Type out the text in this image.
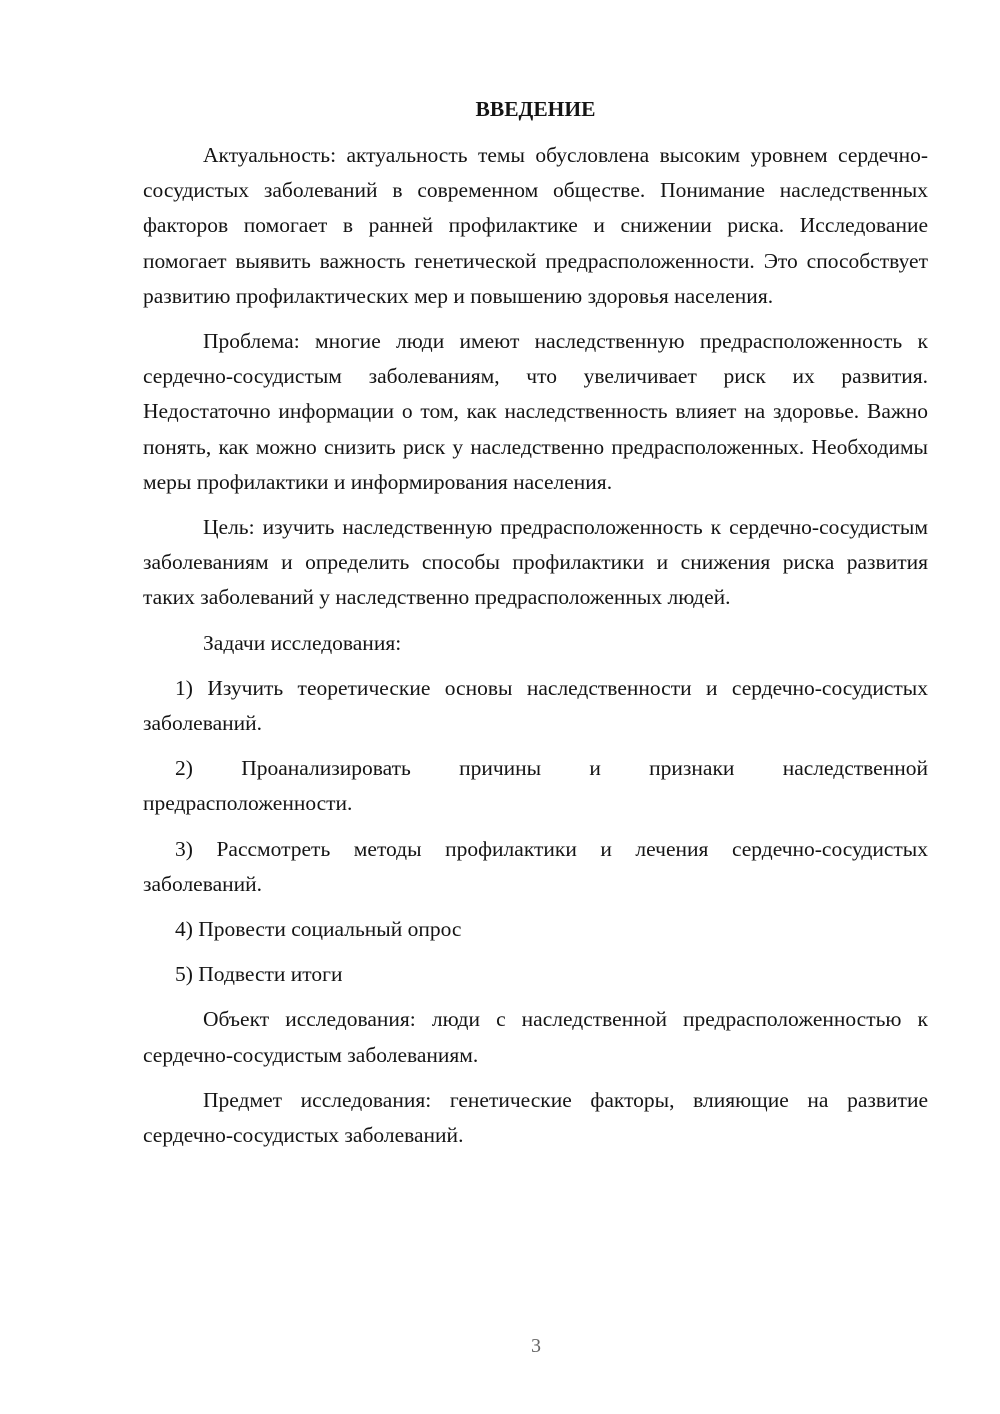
ВВЕДЕНИЕ

Актуальность: актуальность темы обусловлена высоким уровнем сердечно-сосудистых заболеваний в современном обществе. Понимание наследственных факторов помогает в ранней профилактике и снижении риска. Исследование помогает выявить важность генетической предрасположенности. Это способствует развитию профилактических мер и повышению здоровья населения.

Проблема: многие люди имеют наследственную предрасположенность к сердечно-сосудистым заболеваниям, что увеличивает риск их развития. Недостаточно информации о том, как наследственность влияет на здоровье. Важно понять, как можно снизить риск у наследственно предрасположенных. Необходимы меры профилактики и информирования населения.

Цель: изучить наследственную предрасположенность к сердечно-сосудистым заболеваниям и определить способы профилактики и снижения риска развития таких заболеваний у наследственно предрасположенных людей.

Задачи исследования:

1) Изучить теоретические основы наследственности и сердечно-сосудистых заболеваний.

2) Проанализировать причины и признаки наследственной предрасположенности.

3) Рассмотреть методы профилактики и лечения сердечно-сосудистых заболеваний.

4) Провести социальный опрос

5) Подвести итоги

Объект исследования: люди с наследственной предрасположенностью к сердечно-сосудистым заболеваниям.

Предмет исследования: генетические факторы, влияющие на развитие сердечно-сосудистых заболеваний.

3
